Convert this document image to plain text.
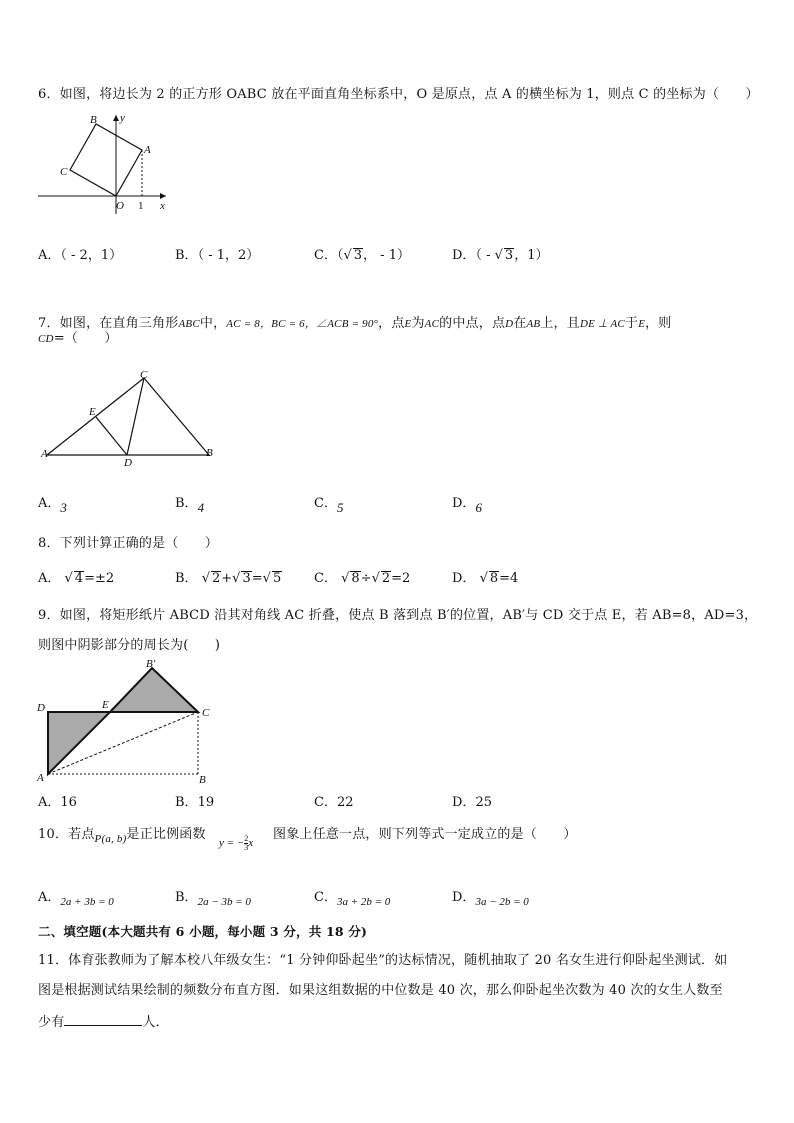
6．如图，将边长为 2 的正方形 OABC 放在平面直角坐标系中，O 是原点，点 A 的横坐标为 1，则点 C 的坐标为（　　）
B y
A
C
O 1 x
A．（ - 2，1）	B．（ - 1，2）	C．（√ 3， - 1）	D．（ - √ 3，1）
7．如图，在直角三角形ABC中，AC = 8，BC = 6，∠ACB = 90°，点E为AC的中点，点D在AB上，且DE ⊥ AC于E，则
CD=（　　）
C
E
A
D
B
A．3	B．4	C．5	D．6
8．下列计算正确的是（　　）
A． √ 4=±2	B． √ 2+√ 3=√ 5	C． √ 8÷√ 2=2	D． √ 8=4
9．如图，将矩形纸片 ABCD 沿其对角线 AC 折叠，使点 B 落到点 B′的位置，AB′与 CD 交于点 E，若 AB=8，AD=3，
则图中阴影部分的周长为(　　)
B′
D	E
C
A	B
A．16	B．19	C．22	D．25
10．若点$_{P(a, b)}$是正比例函数
y = − $\frac{2}{3}$ x
图象上任意一点，则下列等式一定成立的是（　　）
A．$_{2a + 3b = 0}$	B．$_{2a - 3b = 0}$	C．$_{3a + 2b = 0}$	D．$_{3a - 2b = 0}$
二、填空题(本大题共有 6 小题，每小题 3 分，共 18 分)
11．体育张教师为了解本校八年级女生：“1 分钟仰卧起坐”的达标情况，随机抽取了 20 名女生进行仰卧起坐测试．如
图是根据测试结果绘制的频数分布直方图．如果这组数据的中位数是 40 次，那么仰卧起坐次数为 40 次的女生人数至
少有	人．
